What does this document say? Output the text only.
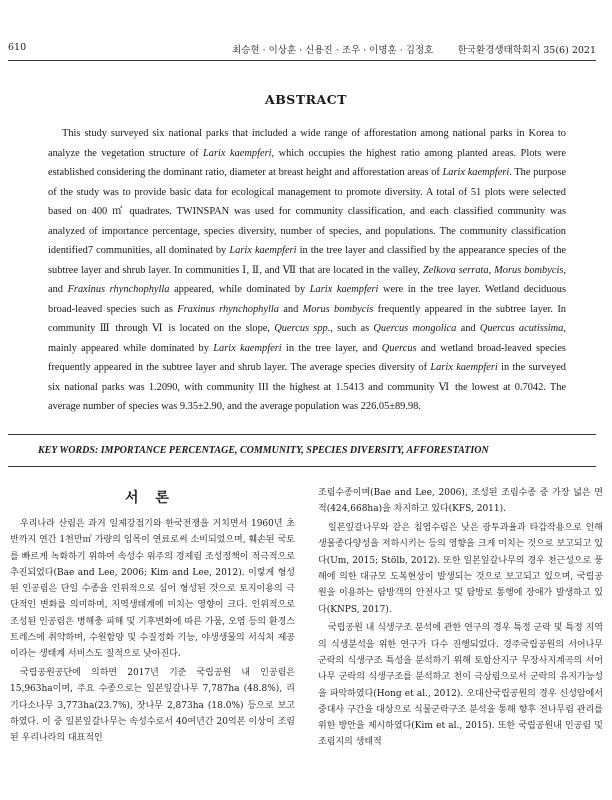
610	최승현 · 이상훈 · 신용진 · 조우 · 이명훈 · 김정호	한국환경생태학회지 35(6) 2021
ABSTRACT

This study surveyed six national parks that included a wide range of afforestation among national parks in Korea to analyze the vegetation structure of Larix kaempferi, which occupies the highest ratio among planted areas. Plots were established considering the dominant ratio, diameter at breast height and afforestation areas of Larix kaempferi. The purpose of the study was to provide basic data for ecological management to promote diversity. A total of 51 plots were selected based on 400 ㎡ quadrates. TWINSPAN was used for community classification, and each classified community was analyzed of importance percentage, species diversity, number of species, and populations. The community classification identified7 communities, all dominated by Larix kaempferi in the tree layer and classified by the appearance species of the subtree layer and shrub layer. In communities Ⅰ, Ⅱ, and Ⅶ that are located in the valley, Zelkova serrata, Morus bombycis, and Fraxinus rhynchophylla appeared, while dominated by Larix kaempferi were in the tree layer. Wetland deciduous broad-leaved species such as Fraxinus rhynchophylla and Morus bombycis frequently appeared in the subtree layer. In community Ⅲ through Ⅵ is located on the slope, Quercus spp., such as Quercus mongolica and Quercus acutissima, mainly appeared while dominated by Larix kaempferi in the tree layer, and Quercus and wetland broad-leaved species frequently appeared in the subtree layer and shrub layer. The average species diversity of Larix kaempferi in the surveyed six national parks was 1.2090, with community III the highest at 1.5413 and community Ⅵ the lowest at 0.7042. The average number of species was 9.35±2.90, and the average population was 226.05±89.98.

KEY WORDS: IMPORTANCE PERCENTAGE, COMMUNITY, SPECIES DIVERSITY, AFFORESTATION
서 론

우리나라 산림은 과거 일제강점기와 한국전쟁을 거치면서 1960년 초반까지 연간 1천만㎥ 가량의 임목이 연료로써 소비되었으며, 훼손된 국토를 빠르게 녹화하기 위하여 속성수 위주의 경제림 조성정책이 적극적으로 추진되었다(Bae and Lee, 2006; Kim and Lee, 2012). 이렇게 형성된 인공림은 단일 수종을 인위적으로 심어 형성된 것으로 토지이용의 극단적인 변화를 의미하며, 지역생태계에 미치는 영향이 크다. 인위적으로 조성된 인공림은 병해충 피해 및 기후변화에 따른 가뭄, 오염 등의 환경스트레스에 취약하며, 수원함양 및 수질정화 기능, 야생생물의 서식처 제공이라는 생태계 서비스도 질적으로 낮아진다.

국립공원공단에 의하면 2017년 기준 국립공원 내 인공림은 15,963ha이며, 주요 수종으로는 일본잎갈나무 7,787ha (48.8%), 리기다소나무 3,773ha(23.7%), 잣나무 2,873ha (18.0%) 등으로 보고하였다. 이 중 일본잎갈나무는 속성수로서 40여년간 20억본 이상이 조림된 우리나라의 대표적인

조림수종이며(Bae and Lee, 2006), 조성된 조림수종 중 가장 넓은 면적(424,668ha)을 차지하고 있다(KFS, 2011).

일본잎갈나무와 같은 침엽수림은 낮은 광투과율과 타감작용으로 인해 생물종다양성을 저하시키는 등의 영향을 크게 미치는 것으로 보고되고 있다(Um, 2015; Stölb, 2012). 또한 일본잎갈나무의 경우 천근성으로 풍해에 의한 대규모 도복현상이 발생되는 것으로 보고되고 있으며, 국립공원을 이용하는 탐방객의 안전사고 및 탐방로 통행에 장애가 발생하고 있다(KNPS, 2017).

국립공원 내 식생구조 분석에 관한 연구의 경우 특정 군락 및 특정 지역의 식생분석을 위한 연구가 다수 진행되었다. 경주국립공원의 서어나무 군락의 식생구조 특성을 분석하기 위해 토함산지구 무장사지계곡의 서어나무 군락의 식생구조를 분석하고 천이 극상림으로서 군락의 유지가능성을 파악하였다(Hong et al., 2012). 오대산국립공원의 경우 신성암에서 중대사 구간을 대상으로 식물군락구조 분석을 통해 향후 전나무림 관리를 위한 방안을 제시하였다(Kim et al., 2015). 또한 국립공원내 인공림 및 조림지의 생태적
